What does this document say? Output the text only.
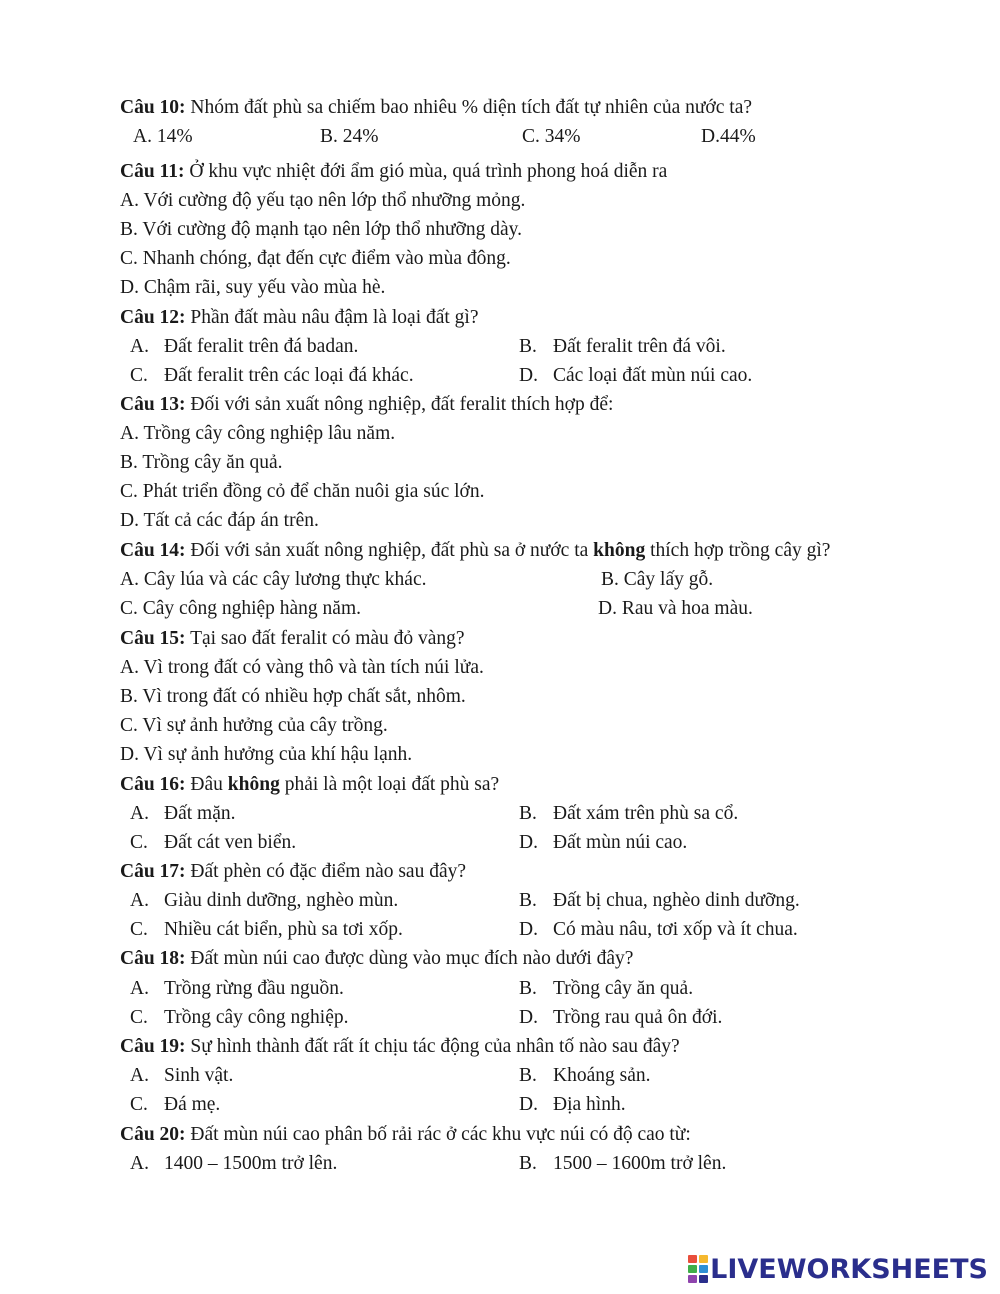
Câu 10: Nhóm đất phù sa chiếm bao nhiêu % diện tích đất tự nhiên của nước ta?
A. 14%	B. 24%	C. 34%	D.44%
Câu 11: Ở khu vực nhiệt đới ẩm gió mùa, quá trình phong hoá diễn ra
A. Với cường độ yếu tạo nên lớp thổ nhưỡng mỏng.
B. Với cường độ mạnh tạo nên lớp thổ nhưỡng dày.
C. Nhanh chóng, đạt đến cực điểm vào mùa đông.
D. Chậm rãi, suy yếu vào mùa hè.
Câu 12: Phần đất màu nâu đậm là loại đất gì?
A. Đất feralit trên đá badan.	B. Đất feralit trên đá vôi.
C. Đất feralit trên các loại đá khác.	D. Các loại đất mùn núi cao.
Câu 13: Đối với sản xuất nông nghiệp, đất feralit thích hợp để:
A. Trồng cây công nghiệp lâu năm.
B. Trồng cây ăn quả.
C. Phát triển đồng cỏ để chăn nuôi gia súc lớn.
D. Tất cả các đáp án trên.
Câu 14: Đối với sản xuất nông nghiệp, đất phù sa ở nước ta không thích hợp trồng cây gì?
A. Cây lúa và các cây lương thực khác.	B. Cây lấy gỗ.
C. Cây công nghiệp hàng năm.	D. Rau và hoa màu.
Câu 15: Tại sao đất feralit có màu đỏ vàng?
A. Vì trong đất có vàng thô và tàn tích núi lửa.
B. Vì trong đất có nhiều hợp chất sắt, nhôm.
C. Vì sự ảnh hưởng của cây trồng.
D. Vì sự ảnh hưởng của khí hậu lạnh.
Câu 16: Đâu không phải là một loại đất phù sa?
A. Đất mặn.	B. Đất xám trên phù sa cổ.
C. Đất cát ven biển.	D. Đất mùn núi cao.
Câu 17: Đất phèn có đặc điểm nào sau đây?
A. Giàu dinh dưỡng, nghèo mùn.	B. Đất bị chua, nghèo dinh dưỡng.
C. Nhiều cát biển, phù sa tơi xốp.	D. Có màu nâu, tơi xốp và ít chua.
Câu 18: Đất mùn núi cao được dùng vào mục đích nào dưới đây?
A. Trồng rừng đầu nguồn.	B. Trồng cây ăn quả.
C. Trồng cây công nghiệp.	D. Trồng rau quả ôn đới.
Câu 19: Sự hình thành đất rất ít chịu tác động của nhân tố nào sau đây?
A. Sinh vật.	B. Khoáng sản.
C. Đá mẹ.	D. Địa hình.
Câu 20: Đất mùn núi cao phân bố rải rác ở các khu vực núi có độ cao từ:
A. 1400 – 1500m trở lên.	B. 1500 – 1600m trở lên.
LIVEWORKSHEETS
